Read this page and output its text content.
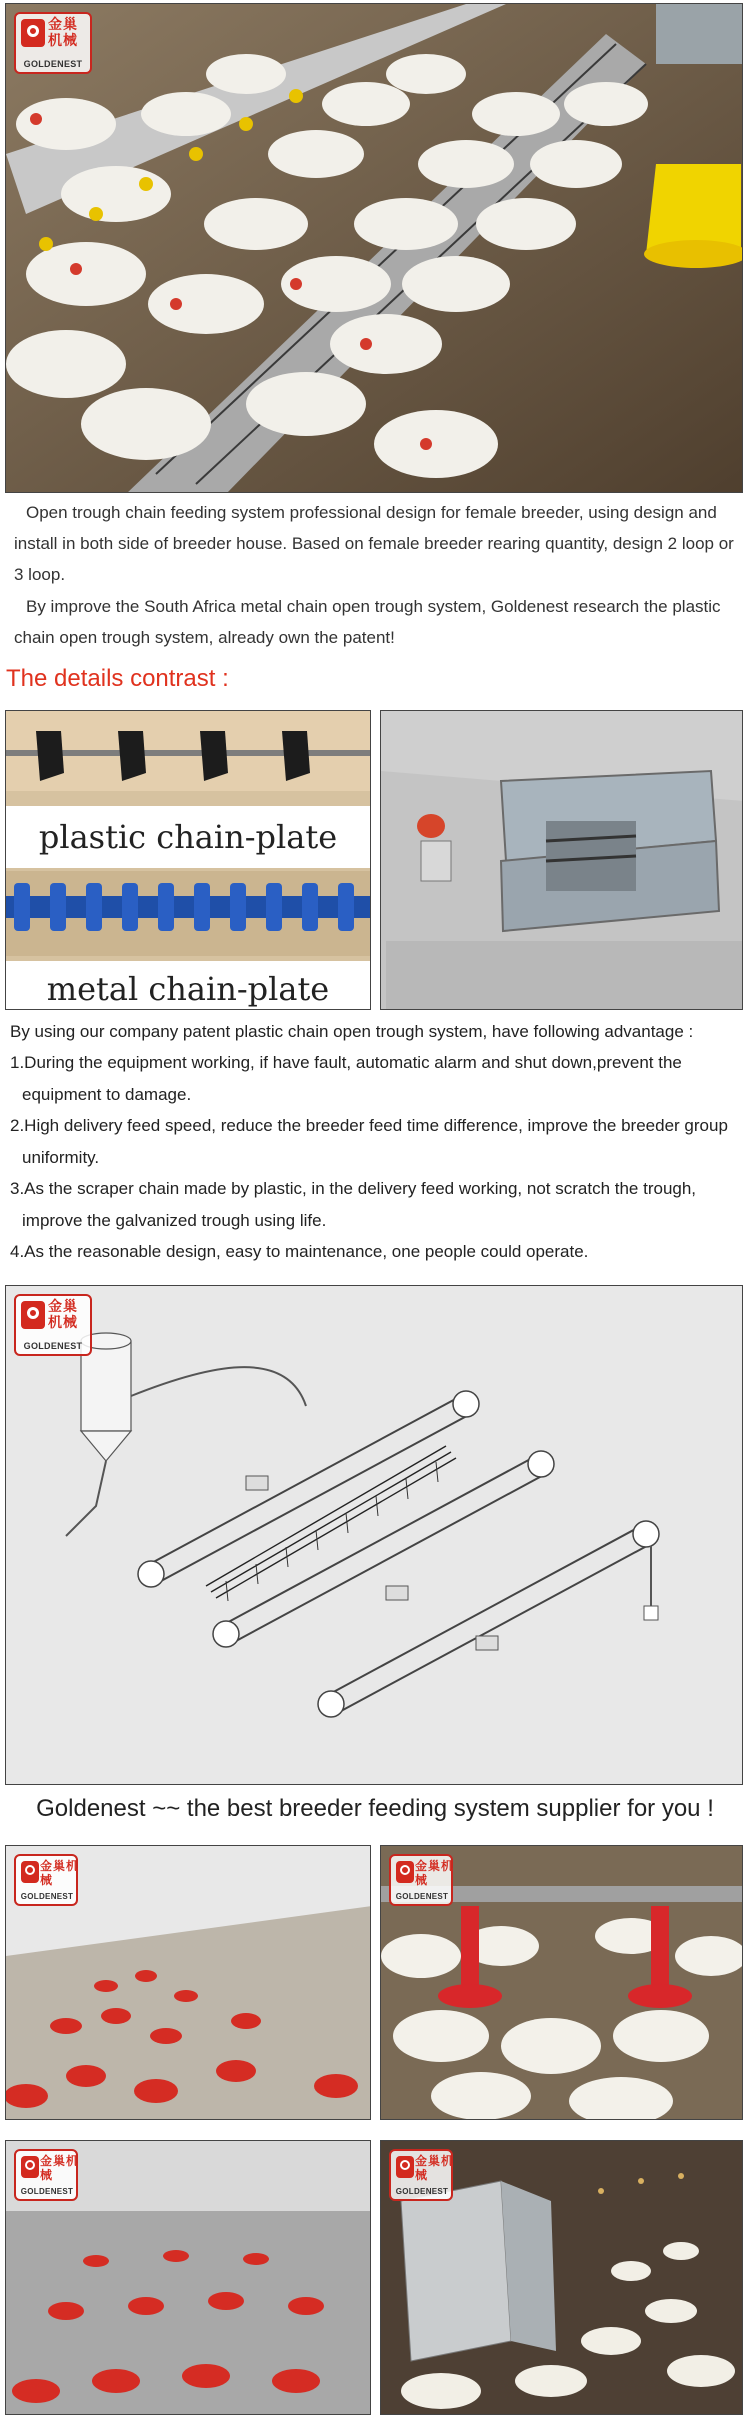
金巢机械
GOLDENEST
Open trough chain feeding system professional design for female breeder, using design and install in both side of breeder house. Based on female breeder rearing quantity, design 2 loop or 3 loop.
By improve the South Africa metal chain open trough system, Goldenest research the plastic chain open trough system, already own the patent!
The details contrast :
plastic chain-plate
metal chain-plate
By using our company patent plastic chain open trough system, have following advantage :
1.During the equipment working, if have fault, automatic alarm and shut down,prevent the equipment to damage.
2.High delivery feed speed, reduce the breeder feed time difference, improve the breeder group uniformity.
3.As the scraper chain made by plastic, in the delivery feed working, not scratch the trough, improve the galvanized trough using life.
4.As the reasonable design, easy to maintenance, one people could operate.
金巢机械
GOLDENEST
Goldenest ~~ the best breeder feeding system supplier for you !
金巢机械
GOLDENEST
金巢机械
GOLDENEST
金巢机械
GOLDENEST
金巢机械
GOLDENEST
